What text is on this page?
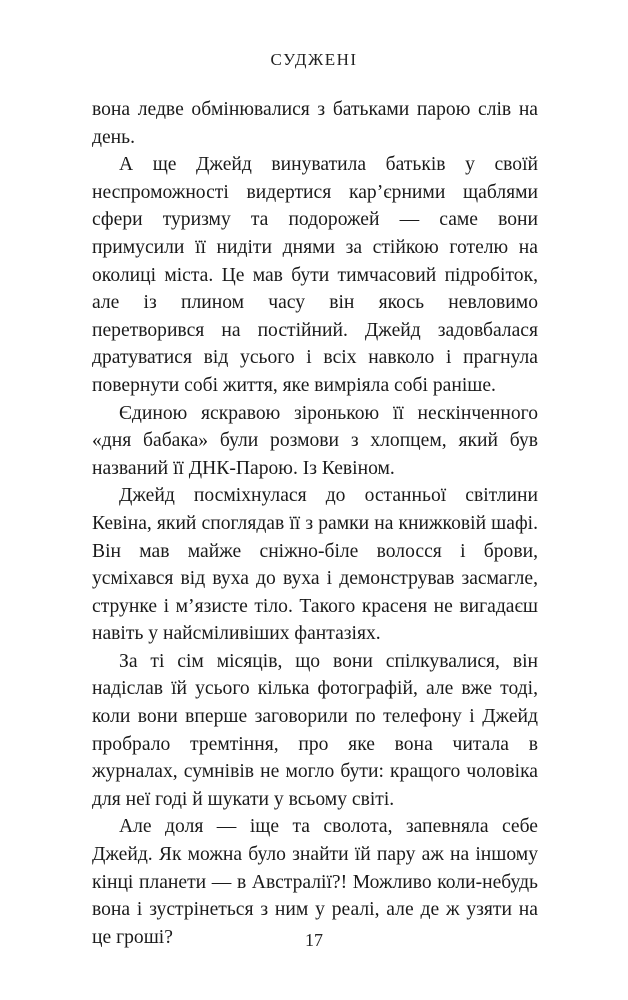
СУДЖЕНІ

вона ледве обмінювалися з батьками парою слів на день.

А ще Джейд винуватила батьків у своїй неспроможності видертися кар’єрними щаблями сфери туризму та подорожей — саме вони примусили її нидіти днями за стійкою готелю на околиці міста. Це мав бути тимчасовий підробіток, але із плином часу він якось невловимо перетворився на постійний. Джейд задовбалася дратуватися від усього і всіх навколо і прагнула повернути собі життя, яке вимріяла собі раніше.

Єдиною яскравою зіронькою її нескінченного «дня бабака» були розмови з хлопцем, який був названий її ДНК-Парою. Із Кевіном.

Джейд посміхнулася до останньої світлини Кевіна, який споглядав її з рамки на книжковій шафі. Він мав майже сніжно-біле волосся і брови, усміхався від вуха до вуха і демонстрував засмагле, струнке і м’язисте тіло. Такого красеня не вигадаєш навіть у найсміливіших фантазіях.

За ті сім місяців, що вони спілкувалися, він надіслав їй усього кілька фотографій, але вже тоді, коли вони вперше заговорили по телефону і Джейд пробрало тремтіння, про яке вона читала в журналах, сумнівів не могло бути: кращого чоловіка для неї годі й шукати у всьому світі.

Але доля — іще та сволота, запевняла себе Джейд. Як можна було знайти їй пару аж на іншому кінці планети — в Австралії?! Можливо коли-небудь вона і зустрінеться з ним у реалі, але де ж узяти на це гроші?	17
